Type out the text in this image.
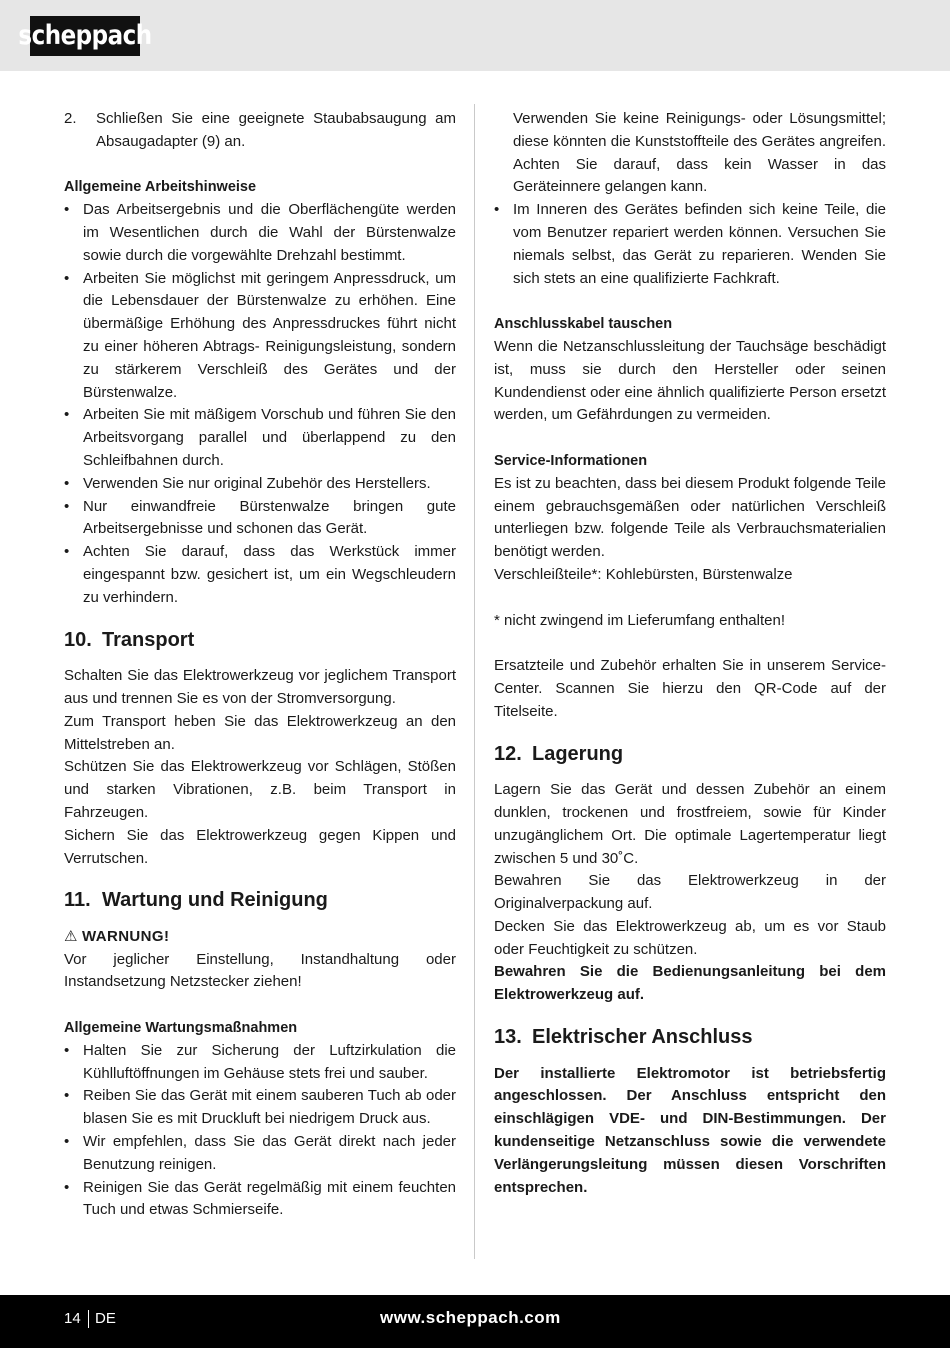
scheppach
2. Schließen Sie eine geeignete Staubabsaugung am Absaugadapter (9) an.

Allgemeine Arbeitshinweise

• Das Arbeitsergebnis und die Oberflächengüte werden im Wesentlichen durch die Wahl der Bürstenwalze sowie durch die vorgewählte Drehzahl bestimmt.
• Arbeiten Sie möglichst mit geringem Anpressdruck, um die Lebensdauer der Bürstenwalze zu erhöhen. Eine übermäßige Erhöhung des Anpressdruckes führt nicht zu einer höheren Abtrags- Reinigungsleistung, sondern zu stärkerem Verschleiß des Gerätes und der Bürstenwalze.
• Arbeiten Sie mit mäßigem Vorschub und führen Sie den Arbeitsvorgang parallel und überlappend zu den Schleifbahnen durch.
• Verwenden Sie nur original Zubehör des Herstellers.
• Nur einwandfreie Bürstenwalze bringen gute Arbeitsergebnisse und schonen das Gerät.
• Achten Sie darauf, dass das Werkstück immer eingespannt bzw. gesichert ist, um ein Wegschleudern zu verhindern.
10. Transport

Schalten Sie das Elektrowerkzeug vor jeglichem Transport aus und trennen Sie es von der Stromversorgung.

Zum Transport heben Sie das Elektrowerkzeug an den Mittelstreben an.

Schützen Sie das Elektrowerkzeug vor Schlägen, Stößen und starken Vibrationen, z.B. beim Transport in Fahrzeugen.

Sichern Sie das Elektrowerkzeug gegen Kippen und Verrutschen.

11. Wartung und Reinigung

⚠ WARNUNG!

Vor jeglicher Einstellung, Instandhaltung oder Instandsetzung Netzstecker ziehen!

Allgemeine Wartungsmaßnahmen

• Halten Sie zur Sicherung der Luftzirkulation die Kühlluftöffnungen im Gehäuse stets frei und sauber.
• Reiben Sie das Gerät mit einem sauberen Tuch ab oder blasen Sie es mit Druckluft bei niedrigem Druck aus.
• Wir empfehlen, dass Sie das Gerät direkt nach jeder Benutzung reinigen.
• Reinigen Sie das Gerät regelmäßig mit einem feuchten Tuch und etwas Schmierseife.

Verwenden Sie keine Reinigungs- oder Lösungsmittel; diese könnten die Kunststoffteile des Gerätes angreifen. Achten Sie darauf, dass kein Wasser in das Geräteinnere gelangen kann.

• Im Inneren des Gerätes befinden sich keine Teile, die vom Benutzer repariert werden können. Versuchen Sie niemals selbst, das Gerät zu reparieren. Wenden Sie sich stets an eine qualifizierte Fachkraft.

Anschlusskabel tauschen

Wenn die Netzanschlussleitung der Tauchsäge beschädigt ist, muss sie durch den Hersteller oder seinen Kundendienst oder eine ähnlich qualifizierte Person ersetzt werden, um Gefährdungen zu vermeiden.

Service-Informationen

Es ist zu beachten, dass bei diesem Produkt folgende Teile einem gebrauchsgemäßen oder natürlichen Verschleiß unterliegen bzw. folgende Teile als Verbrauchsmaterialien benötigt werden.

Verschleißteile*: Kohlebürsten, Bürstenwalze

* nicht zwingend im Lieferumfang enthalten!

Ersatzteile und Zubehör erhalten Sie in unserem Service-Center. Scannen Sie hierzu den QR-Code auf der Titelseite.

12. Lagerung

Lagern Sie das Gerät und dessen Zubehör an einem dunklen, trockenen und frostfreiem, sowie für Kinder unzugänglichem Ort. Die optimale Lagertemperatur liegt zwischen 5 und 30˚C.

Bewahren Sie das Elektrowerkzeug in der Originalverpackung auf.

Decken Sie das Elektrowerkzeug ab, um es vor Staub oder Feuchtigkeit zu schützen.

Bewahren Sie die Bedienungsanleitung bei dem Elektrowerkzeug auf.

13. Elektrischer Anschluss

Der installierte Elektromotor ist betriebsfertig angeschlossen. Der Anschluss entspricht den einschlägigen VDE- und DIN-Bestimmungen. Der kundenseitige Netzanschluss sowie die verwendete Verlängerungsleitung müssen diesen Vorschriften entsprechen.

14 DE	www.scheppach.com
